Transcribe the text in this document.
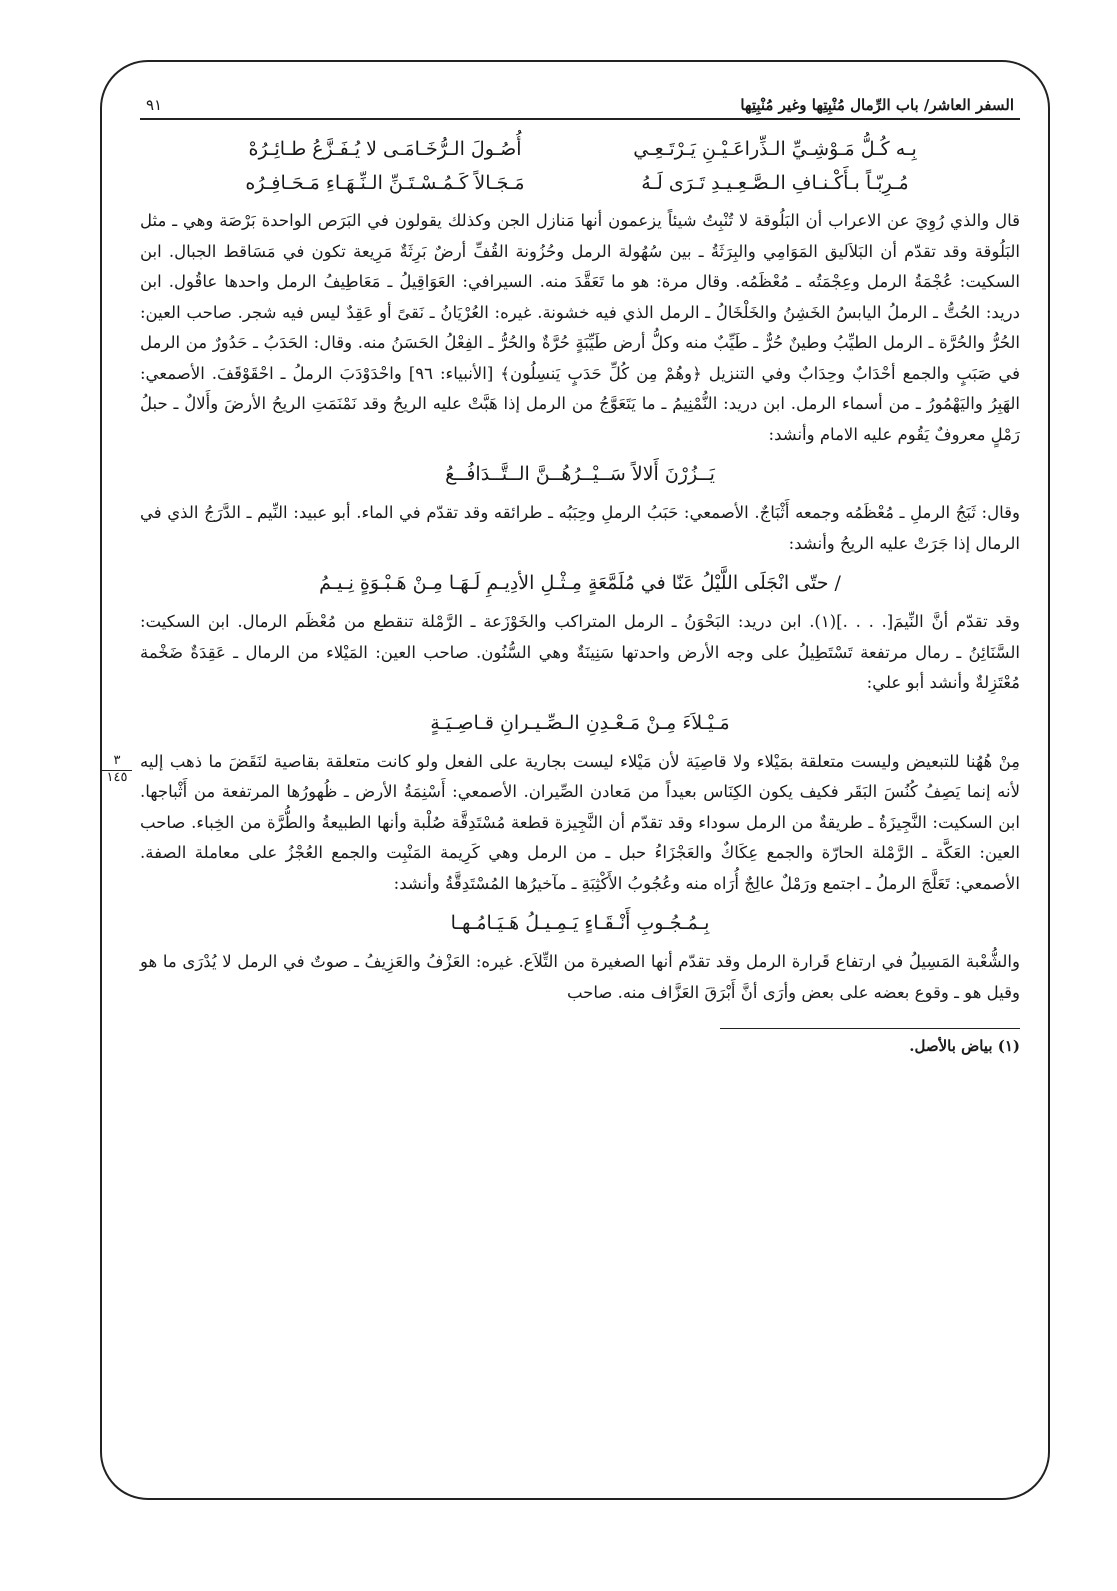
السفر العاشر/ باب الرِّمال مُنْبِتِها وغير مُنْبِتِها
٩١
بِـه كُـلُّ مَـوْشِـيِّ الـذِّراعَـيْـنِ يَـرْتَـعِـي
أُصُـولَ الـرُّخَـامَـى لا يُـفَـزَّعُ طـائِـرُهْ
مُـرِبّـاً بـأَكْـنـافِ الـصَّـعِـيـدِ تَـرَى لَـهُ
مَـجَـالاً كَـمُـسْـتَـنِّ الـنِّـهَـاءِ مَـحَـافِـرُه

قال والذي رُوِيَ عن الاعراب أن البَلُوقة لا تُنْبِتُ شيئاً يزعمون أنها مَنازل الجن وكذلك يقولون في البَرَص الواحدة بَرْصَة وهي ـ مثل البَلُوقة وقد تقدّم أن البَلاَليق المَوَامِي والبِرَثَةُ ـ بين سُهُولة الرمل وحُزُونة القُفِّ أرضٌ بَرِثَةٌ مَرِيعة تكون في مَسَاقط الجبال. ابن السكيت: عُجْمَةُ الرمل وعِجْمَتُه ـ مُعْظَمُه. وقال مرة: هو ما تَعَقَّدَ منه. السيرافي: العَوَاقِيلُ ـ مَعَاطِيفُ الرمل واحدها عاقُول. ابن دريد: الحُتُّ ـ الرملُ اليابسُ الخَشِنُ والخَلْخَالُ ـ الرمل الذي فيه خشونة. غيره: العُرْيَانُ ـ نَقىً أو عَقِدٌ ليس فيه شجر. صاحب العين: الحُرُّ والحُرَّة ـ الرمل الطيِّبُ وطينٌ حُرٌّ ـ طَيِّبٌ منه وكلُّ أرض طَيِّبَةٍ حُرَّةٌ والحُرُّ ـ الفِعْلُ الحَسَنُ منه. وقال: الحَدَبُ ـ حَدُورٌ من الرمل في صَبَبٍ والجمع أحْدَابٌ وحِدَابٌ وفي التنزيل ﴿وهُمْ مِن كُلِّ حَدَبٍ يَنسِلُون﴾ [الأنبياء: ٩٦] واحْدَوْدَبَ الرملُ ـ احْقَوْقَفَ. الأصمعي: الهَبِرُ واليَهْمُورُ ـ من أسماء الرمل. ابن دريد: النُّمْنِيمُ ـ ما يَتَعَوَّجُ من الرمل إذا هَبَّتْ عليه الريحُ وقد نَمْنَمَتِ الريحُ الأرضَ وأَلالٌ ـ حبلُ رَمْلٍ معروفٌ يَقُوم عليه الامام وأنشد:

يَــزُرْنَ أَلالاً سَــيْــرُهُــنَّ الــتَّــدَافُــعُ

وقال: ثَبَجُ الرملِ ـ مُعْظَمُه وجمعه أَثْبَاجٌ. الأصمعي: حَبَبُ الرملِ وحِبَبُه ـ طرائقه وقد تقدّم في الماء. أبو عبيد: النِّيم ـ الدَّرَجُ الذي في الرمال إذا جَرَتْ عليه الريحُ وأنشد:

/ حتّى انْجَلَى اللَّيْلُ عَنّا في مُلَمَّعَةٍ مِـثْـلِ الأدِيـمِ لَـهَـا مِـنْ هَـبْـوَةٍ نِـيـمُ

وقد تقدّم أنَّ النِّيمَ[. . . .](١). ابن دريد: البَحْوَنُ ـ الرمل المتراكب والخَوْزَعة ـ الرَّمْلة تنقطع من مُعْظَم الرمال. ابن السكيت: السَّنَائِنُ ـ رمال مرتفعة تَسْتَطِيلُ على وجه الأرض واحدتها سَنِينَةٌ وهي السُّنُون. صاحب العين: المَيْلاء من الرمال ـ عَقِدَةٌ ضَخْمة مُعْتَزِلةٌ وأنشد أبو علي:

مَـيْـلاَءَ مِـنْ مَـعْـدِنِ الـصِّـيـرانِ قـاصِـيَـةٍ

مِنْ هُهُنا للتبعيض وليست متعلقة بمَيْلاء ولا قاصِيَة لأن مَيْلاء ليست بجارية على الفعل ولو كانت متعلقة بقاصية لنَقَضَ ما ذهب إليه لأنه إنما يَصِفُ كُنُسَ البَقَر فكيف يكون الكِنَاس بعيداً من مَعادن الصِّيران. الأصمعي: أَسْنِمَةُ الأرض ـ ظُهورُها المرتفعة من أَثْباجها. ابن السكيت: النَّجِيزَةُ ـ طريقةٌ من الرمل سوداء وقد تقدّم أن النَّجِيزة قطعة مُسْتَدِقَّة صُلْبة وأنها الطبيعةُ والطُّرَّة من الخِباء. صاحب العين: العَكَّة ـ الرَّمْلة الحارّة والجمع عِكَاكٌ والعَجْزَاءُ حبل ـ من الرمل وهي كَرِيمة المَنْبِت والجمع العُجْزُ على معاملة الصفة. الأصمعي: تَعَلَّجَ الرملُ ـ اجتمع ورَمْلٌ عالِجٌ أُرَاه منه وعُجُوبُ الأَكْثِبَةِ ـ مآخيرُها المُسْتَدِقَّةُ وأنشد:

بِـمُـجُـوبِ أَنْـقَـاءٍ يَـمِـيـلُ هَـيَـامُـهـا

والشُّعْبة المَسِيلُ في ارتفاع قَرارة الرمل وقد تقدّم أنها الصغيرة من التِّلاَع. غيره: العَزْفُ والعَزِيفُ ـ صوتٌ في الرمل لا يُدْرَى ما هو وقيل هو ـ وقوع بعضه على بعض وأرَى أنَّ أَبْرَقَ العَزَّاف منه. صاحب

(١) بياض بالأصل.
٣
١٤٥
